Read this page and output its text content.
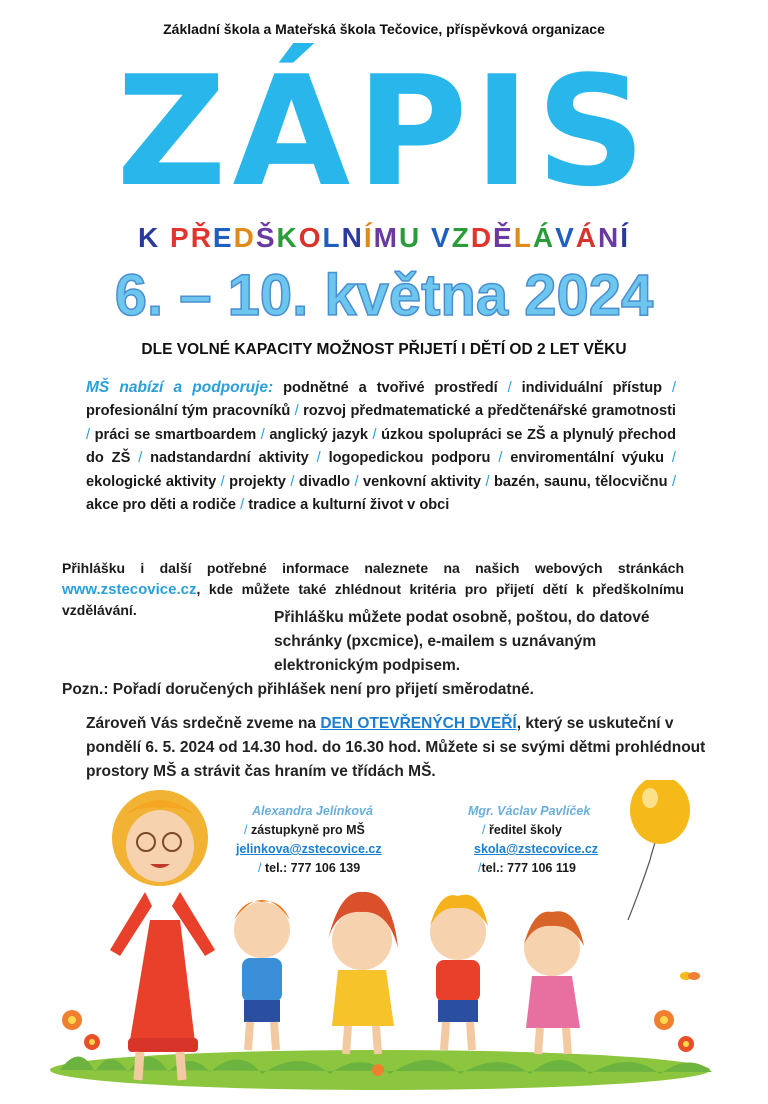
Základní škola a Mateřská škola Tečovice, příspěvková organizace
ZÁPIS
K PŘEDŠKOLNÍMU VZDĚLÁVÁNÍ
6. – 10. května 2024
DLE VOLNÉ KAPACITY MOŽNOST PŘIJETÍ I DĚTÍ OD 2 LET VĚKU
MŠ nabízí a podporuje: podnětné a tvořivé prostředí / individuální přístup / profesionální tým pracovníků / rozvoj předmatematické a předčtenářské gramotnosti / práci se smartboardem / anglický jazyk / úzkou spolupráci se ZŠ a plynulý přechod do ZŠ / nadstandardní aktivity / logopedickou podporu / enviromentální výuku / ekologické aktivity / projekty / divadlo / venkovní aktivity / bazén, saunu, tělocvičnu / akce pro děti a rodiče / tradice a kulturní život v obci
Přihlášku i další potřebné informace naleznete na našich webových stránkách www.zstecovice.cz, kde můžete také zhlédnout kritéria pro přijetí dětí k předškolnímu vzdělávání.	Přihlášku můžete podat osobně, poštou, do datové schránky (pxcmice), e-mailem s uznávaným elektronickým podpisem.
Pozn.: Pořadí doručených přihlášek není pro přijetí směrodatné.
Zároveň Vás srdečně zveme na DEN OTEVŘENÝCH DVEŘÍ, který se uskuteční v pondělí 6. 5. 2024 od 14.30 hod. do 16.30 hod. Můžete si se svými dětmi prohlédnout prostory MŠ a strávit čas hraním ve třídách MŠ.
Alexandra Jelínková
/ zástupkyně pro MŠ
jelinkova@zstecovice.cz
/ tel.: 777 106 139
Mgr. Václav Pavlíček
/ ředitel školy
skola@zstecovice.cz
/tel.: 777 106 119
